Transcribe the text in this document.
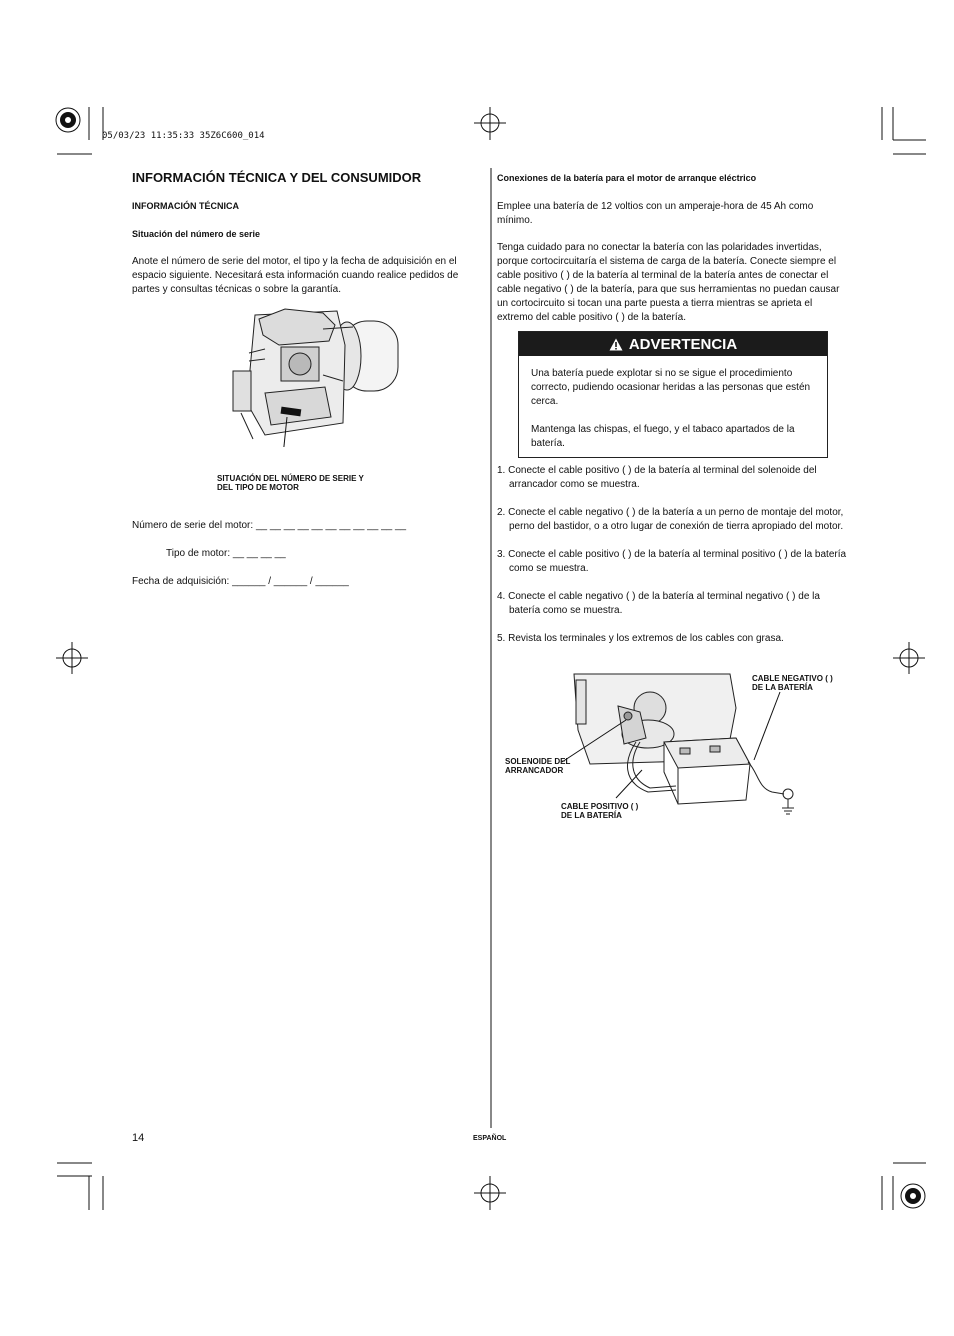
05/03/23 11:35:33 35Z6C600_014
INFORMACIÓN TÉCNICA Y DEL CONSUMIDOR
INFORMACIÓN TÉCNICA
Situación del número de serie

Anote el número de serie del motor, el tipo y la fecha de adquisición en el espacio siguiente. Necesitará esta información cuando realice pedidos de partes y consultas técnicas o sobre la garantía.

SITUACIÓN DEL NÚMERO DE SERIE Y
DEL TIPO DE MOTOR
Número de serie del motor: __ __ __ __ __ __ __ __ __ __ __
Tipo de motor: __ __ __ __
Fecha de adquisición: ______ / ______ / ______
Conexiones de la batería para el motor de arranque eléctrico

Emplee una batería de 12 voltios con un amperaje-hora de 45 Ah como mínimo.

Tenga cuidado para no conectar la batería con las polaridades invertidas, porque cortocircuitaría el sistema de carga de la batería. Conecte siempre el cable positivo ( ) de la batería al terminal de la batería antes de conectar el cable negativo ( ) de la batería, para que sus herramientas no puedan causar un cortocircuito si tocan una parte puesta a tierra mientras se aprieta el extremo del cable positivo ( ) de la batería.

ADVERTENCIA

Una batería puede explotar si no se sigue el procedimiento correcto, pudiendo ocasionar heridas a las personas que estén cerca.

Mantenga las chispas, el fuego, y el tabaco apartados de la batería.

1. Conecte el cable positivo ( ) de la batería al terminal del solenoide del arrancador como se muestra.
2. Conecte el cable negativo ( ) de la batería a un perno de montaje del motor, perno del bastidor, o a otro lugar de conexión de tierra apropiado del motor.
3. Conecte el cable positivo ( ) de la batería al terminal positivo ( ) de la batería como se muestra.
4. Conecte el cable negativo ( ) de la batería al terminal negativo ( ) de la batería como se muestra.
5. Revista los terminales y los extremos de los cables con grasa.
CABLE NEGATIVO ( )
DE LA BATERÍA
SOLENOIDE DEL
ARRANCADOR
CABLE POSITIVO ( )
DE LA BATERÍA
14	ESPAÑOL
